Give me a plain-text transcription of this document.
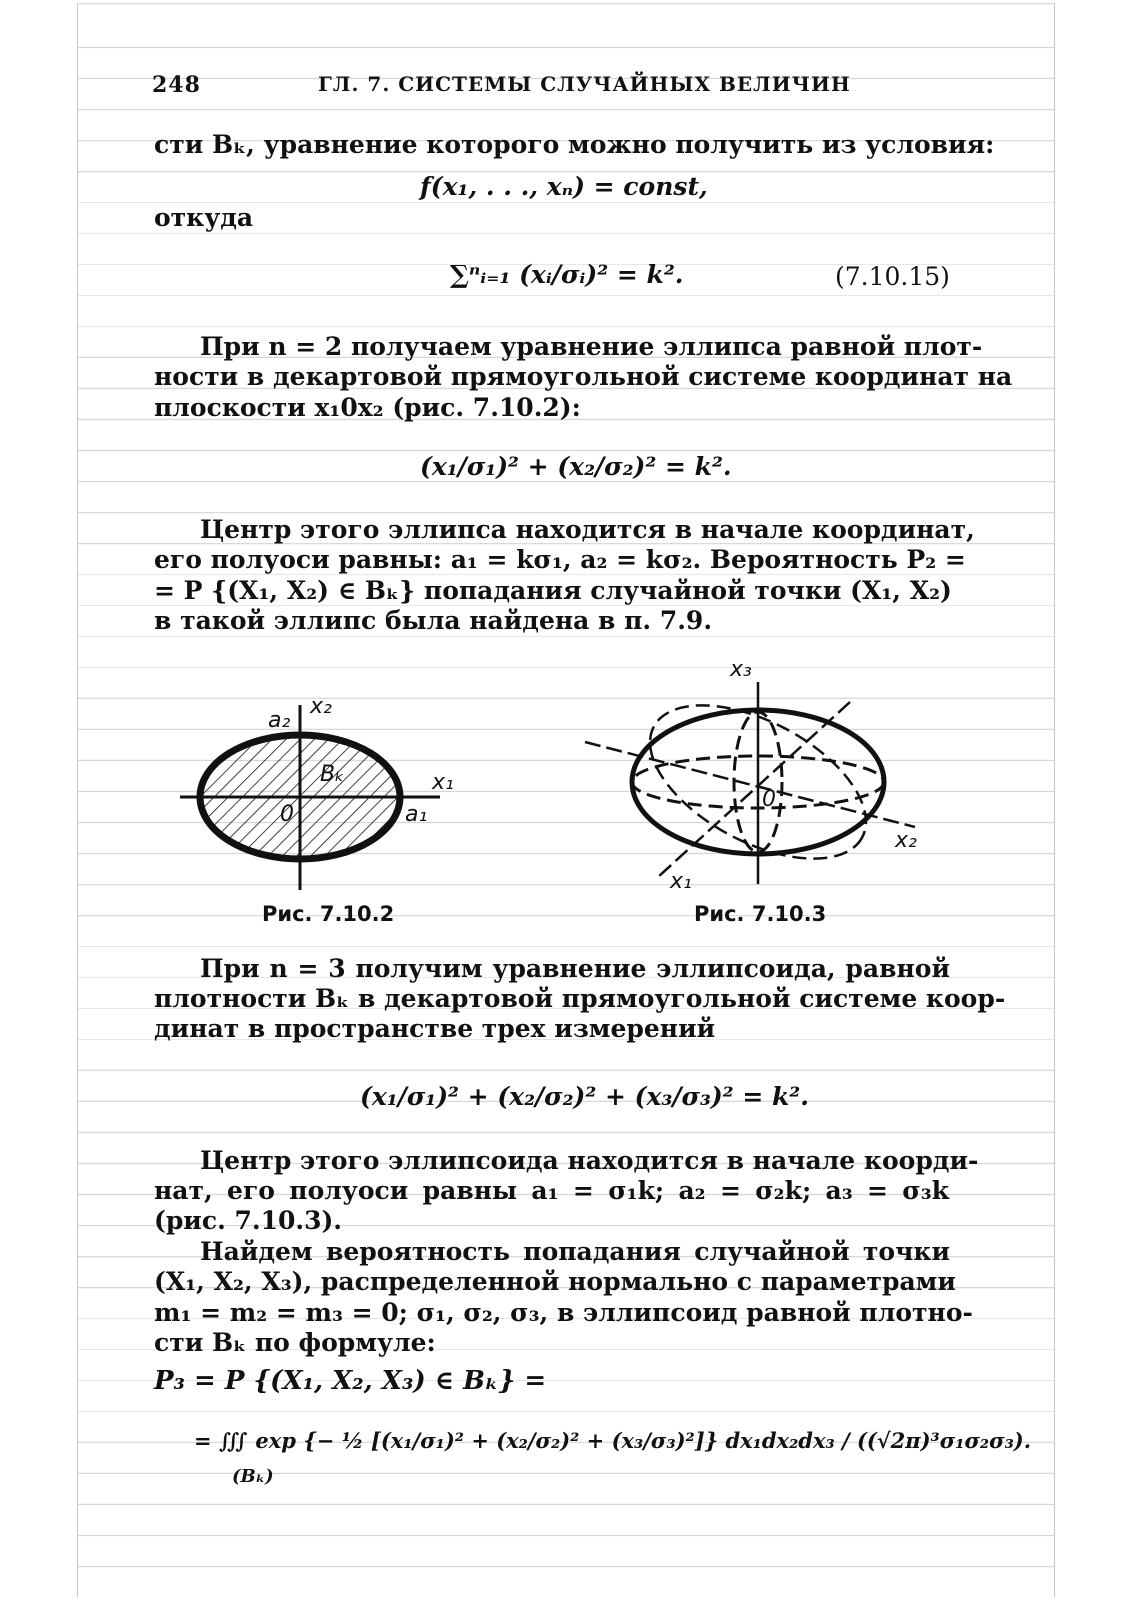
248	ГЛ. 7. СИСТЕМЫ СЛУЧАЙНЫХ ВЕЛИЧИН
сти Bₖ, уравнение которого можно получить из условия:
f(x₁, . . ., xₙ) = const,
откуда
∑ⁿᵢ₌₁ (xᵢ/σᵢ)² = k².	(7.10.15)
При n = 2 получаем уравнение эллипса равной плот-
ности в декартовой прямоугольной системе координат на
плоскости x₁0x₂ (рис. 7.10.2):
(x₁/σ₁)² + (x₂/σ₂)² = k².
Центр этого эллипса находится в начале координат,
его полуоси равны: a₁ = kσ₁, a₂ = kσ₂. Вероятность P₂ =
= P {(X₁, X₂) ∈ Bₖ} попадания случайной точки (X₁, X₂)
в такой эллипс была найдена в п. 7.9.
x₂
a₂
Bₖ	x₁
0	a₁
Рис. 7.10.2
x₃
0
x₂
x₁
Рис. 7.10.3
При n = 3 получим уравнение эллипсоида, равной
плотности Bₖ в декартовой прямоугольной системе коор-
динат в пространстве трех измерений
(x₁/σ₁)² + (x₂/σ₂)² + (x₃/σ₃)² = k².
Центр этого эллипсоида находится в начале коорди-
нат, его полуоси равны a₁ = σ₁k; a₂ = σ₂k; a₃ = σ₃k
(рис. 7.10.3).
Найдем вероятность попадания случайной точки
(X₁, X₂, X₃), распределенной нормально с параметрами
m₁ = m₂ = m₃ = 0; σ₁, σ₂, σ₃, в эллипсоид равной плотно-
сти Bₖ по формуле:
P₃ = P {(X₁, X₂, X₃) ∈ Bₖ} =
= ∭ exp {− ½ [(x₁/σ₁)² + (x₂/σ₂)² + (x₃/σ₃)²]} dx₁dx₂dx₃ / ((√2π)³σ₁σ₂σ₃).
(Bₖ)
